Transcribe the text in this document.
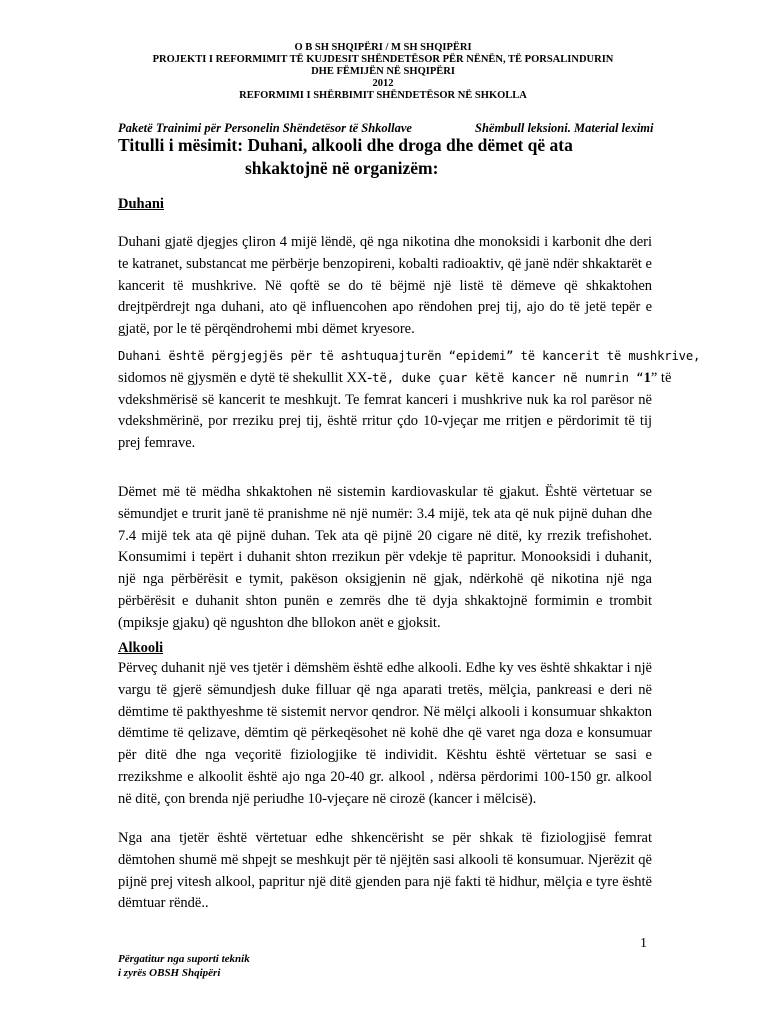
O B SH SHQIPËRI / M SH SHQIPËRI
PROJEKTI I REFORMIMIT TË KUJDESIT SHËNDETËSOR PËR NËNËN, TË PORSALINDURIN
DHE FËMIJËN NË SHQIPËRI
2012
REFORMIMI I SHËRBIMIT SHËNDETËSOR NË SHKOLLA
Paketë Trainimi për Personelin Shëndetësor të Shkollave	Shëmbull leksioni. Material leximi
Titulli i mësimit: Duhani, alkooli dhe droga dhe dëmet që ata
shkaktojnë në organizëm:
Duhani
Duhani gjatë djegjes çliron 4 mijë lëndë, që nga nikotina dhe monoksidi i karbonit dhe deri te katranet, substancat me përbërje benzopireni, kobalti radioaktiv, që janë ndër shkaktarët e kancerit të mushkrive. Në qoftë se do të bëjmë një listë të dëmeve që shkaktohen drejtpërdrejt nga duhani, ato që influencohen apo rëndohen prej tij, ajo do të jetë tepër e gjatë, por le të përqëndrohemi mbi dëmet kryesore.
Duhani është përgjegjës për të ashtuquajturën “epidemi” të kancerit të mushkrive,
sidomos në gjysmën e dytë të shekullit XX-të, duke çuar këtë kancer në numrin “1” të
vdekshmërisë së kancerit te meshkujt. Te femrat kanceri i mushkrive nuk ka rol parësor në vdekshmërinë, por rreziku prej tij, është rritur çdo 10-vjeçar me rritjen e përdorimit të tij prej femrave.
Dëmet më të mëdha shkaktohen në sistemin kardiovaskular të gjakut. Është vërtetuar se sëmundjet e trurit janë të pranishme në një numër: 3.4 mijë, tek ata që nuk pijnë duhan dhe 7.4 mijë tek ata që pijnë duhan. Tek ata që pijnë 20 cigare në ditë, ky rrezik trefishohet. Konsumimi i tepërt i duhanit shton rrezikun për vdekje të papritur. Monooksidi i duhanit, një nga përbërësit e tymit, pakëson oksigjenin në gjak, ndërkohë që nikotina një nga përbërësit e duhanit shton punën e zemrës dhe të dyja shkaktojnë formimin e trombit (mpiksje gjaku) që ngushton dhe bllokon anët e gjoksit.
Alkooli
Përveç duhanit një ves tjetër i dëmshëm është edhe alkooli. Edhe ky ves është shkaktar i një vargu të gjerë sëmundjesh duke filluar që nga aparati tretës, mëlçia, pankreasi e deri në dëmtime të pakthyeshme të sistemit nervor qendror. Në mëlçi alkooli i konsumuar shkakton dëmtime të qelizave, dëmtim që përkeqësohet në kohë dhe që varet nga doza e konsumuar për ditë dhe nga veçoritë fiziologjike të individit. Kështu është vërtetuar se sasi e rrezikshme e alkoolit është ajo nga 20-40 gr. alkool , ndërsa përdorimi 100-150 gr. alkool në ditë, çon brenda një periudhe 10-vjeçare në cirozë (kancer i mëlcisë).
Nga ana tjetër është vërtetuar edhe shkencërisht se për shkak të fiziologjisë femrat dëmtohen shumë më shpejt se meshkujt për të njëjtën sasi alkooli të konsumuar. Njerëzit që pijnë prej vitesh alkool, papritur një ditë gjenden para një fakti të hidhur, mëlçia e tyre është dëmtuar rëndë..
1
Përgatitur nga suporti teknik
i zyrës OBSH Shqipëri
